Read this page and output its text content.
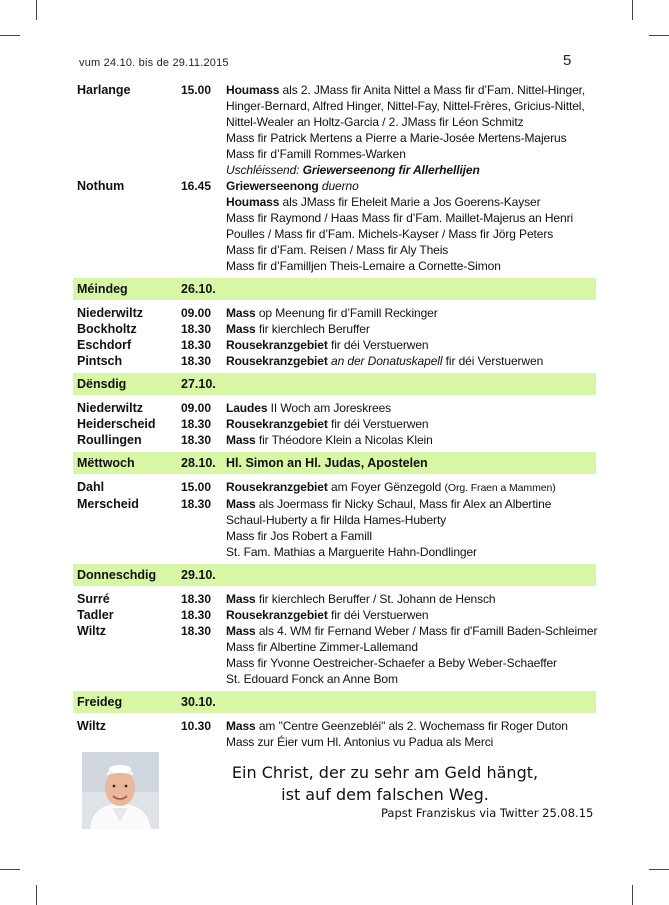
vum 24.10. bis de 29.11.2015	5
Harlange	15.00 Houmass als 2. JMass fir Anita Nittel a Mass fir d’Fam. Nittel-Hinger,
Hinger-Bernard, Alfred Hinger, Nittel-Fay, Nittel-Frères, Gricius-Nittel,
Nittel-Wealer an Holtz-Garcia / 2. JMass fir Léon Schmitz
Mass fir Patrick Mertens a Pierre a Marie-Josée Mertens-Majerus
Mass fir d’Famill Rommes-Warken
Uschléissend: Griewerseenong fir Allerhellijen
Nothum	16.45 Griewerseenong duerno
Houmass als JMass fir Eheleit Marie a Jos Goerens-Kayser
Mass fir Raymond / Haas Mass fir d’Fam. Maillet-Majerus an Henri
Poulles / Mass fir d’Fam. Michels-Kayser / Mass fir Jörg Peters
Mass fir d’Fam. Reisen / Mass fir Aly Theis
Mass fir d’Familljen Theis-Lemaire a Cornette-Simon
Méindeg	26.10.
Niederwiltz	09.00 Mass op Meenung fir d’Famill Reckinger
Bockholtz	18.30 Mass fir kierchlech Beruffer
Eschdorf	18.30 Rousekranzgebiet fir déi Verstuerwen
Pintsch	18.30 Rousekranzgebiet an der Donatuskapell fir déi Verstuerwen
Dënsdig	27.10.
Niederwiltz	09.00 Laudes II Woch am Joreskrees
Heiderscheid 18.30 Rousekranzgebiet fir déi Verstuerwen
Roullingen	18.30 Mass fir Théodore Klein a Nicolas Klein
Mëttwoch	28.10. Hl. Simon an Hl. Judas, Apostelen
Dahl	15.00 Rousekranzgebiet am Foyer Gënzegold (Org. Fraen a Mammen)
Merscheid	18.30 Mass als Joermass fir Nicky Schaul, Mass fir Alex an Albertine
Schaul-Huberty a fir Hilda Hames-Huberty
Mass fir Jos Robert a Famill
St. Fam. Mathias a Marguerite Hahn-Dondlinger
Donneschdig 29.10.
Surré	18.30 Mass fir kierchlech Beruffer / St. Johann de Hensch
Tadler	18.30 Rousekranzgebiet fir déi Verstuerwen
Wiltz	18.30 Mass als 4. WM fir Fernand Weber / Mass fir d'Famill Baden-Schleimer
Mass fir Albertine Zimmer-Lallemand
Mass fir Yvonne Oestreicher-Schaefer a Beby Weber-Schaeffer
St. Edouard Fonck an Anne Bom
Freideg	30.10.
Wiltz	10.30 Mass am "Centre Geenzebléi" als 2. Wochemass fir Roger Duton
Mass zur Éier vum Hl. Antonius vu Padua als Merci
Ein Christ, der zu sehr am Geld hängt,
ist auf dem falschen Weg.
Papst Franziskus via Twitter 25.08.15
